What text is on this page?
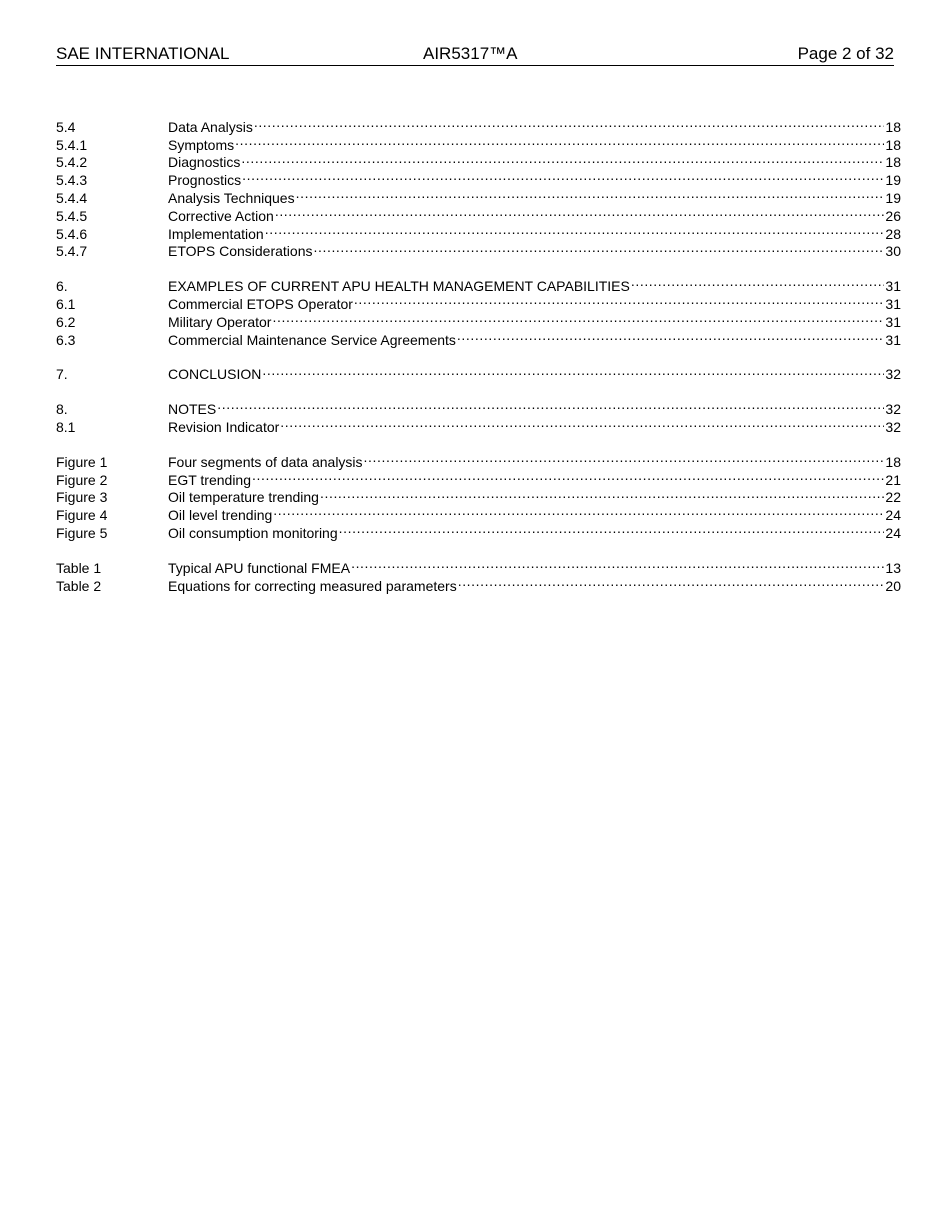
SAE INTERNATIONAL	AIR5317™A	Page 2 of 32
5.4	Data Analysis .....	18
5.4.1	Symptoms .....	18
5.4.2	Diagnostics .....	18
5.4.3	Prognostics .....	19
5.4.4	Analysis Techniques .....	19
5.4.5	Corrective Action .....	26
5.4.6	Implementation .....	28
5.4.7	ETOPS Considerations .....	30
6.	EXAMPLES OF CURRENT APU HEALTH MANAGEMENT CAPABILITIES .....	31
6.1	Commercial ETOPS Operator .....	31
6.2	Military Operator .....	31
6.3	Commercial Maintenance Service Agreements .....	31
7.	CONCLUSION .....	32
8.	NOTES .....	32
8.1	Revision Indicator .....	32
Figure 1	Four segments of data analysis .....	18
Figure 2	EGT trending .....	21
Figure 3	Oil temperature trending .....	22
Figure 4	Oil level trending .....	24
Figure 5	Oil consumption monitoring .....	24
Table 1	Typical APU functional FMEA .....	13
Table 2	Equations for correcting measured parameters .....	20
